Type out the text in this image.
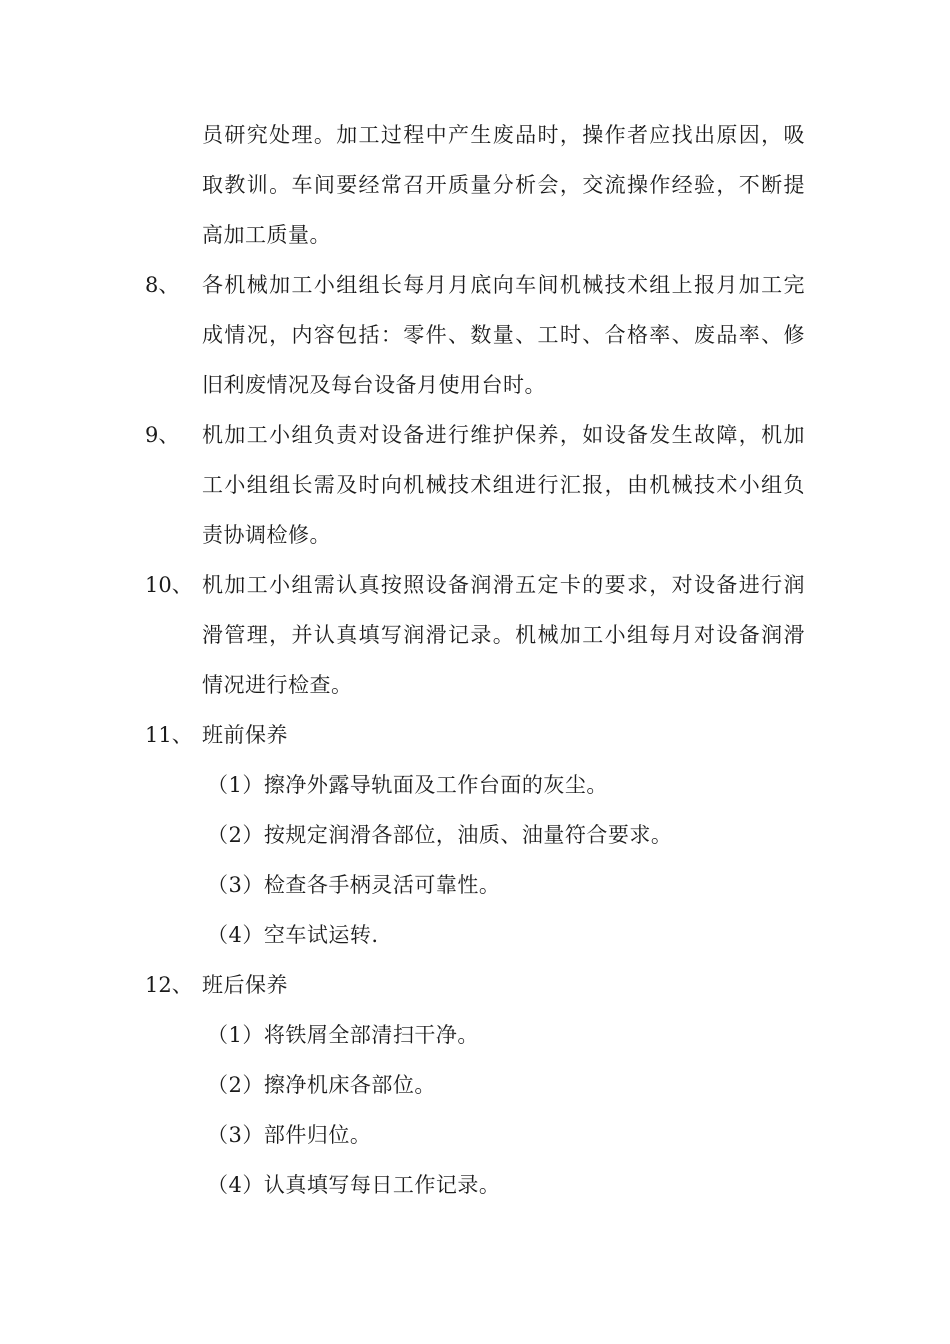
员研究处理。加工过程中产生废品时，操作者应找出原因，吸
取教训。车间要经常召开质量分析会，交流操作经验，不断提
高加工质量。
8、 各机械加工小组组长每月月底向车间机械技术组上报月加工完
成情况，内容包括：零件、数量、工时、合格率、废品率、修
旧利废情况及每台设备月使用台时。
9、 机加工小组负责对设备进行维护保养，如设备发生故障，机加
工小组组长需及时向机械技术组进行汇报，由机械技术小组负
责协调检修。
10、 机加工小组需认真按照设备润滑五定卡的要求，对设备进行润
滑管理，并认真填写润滑记录。机械加工小组每月对设备润滑
情况进行检查。
11、 班前保养
（1）擦净外露导轨面及工作台面的灰尘。
（2）按规定润滑各部位，油质、油量符合要求。
（3）检查各手柄灵活可靠性。
（4）空车试运转.
12、 班后保养
（1）将铁屑全部清扫干净。
（2）擦净机床各部位。
（3）部件归位。
（4）认真填写每日工作记录。
